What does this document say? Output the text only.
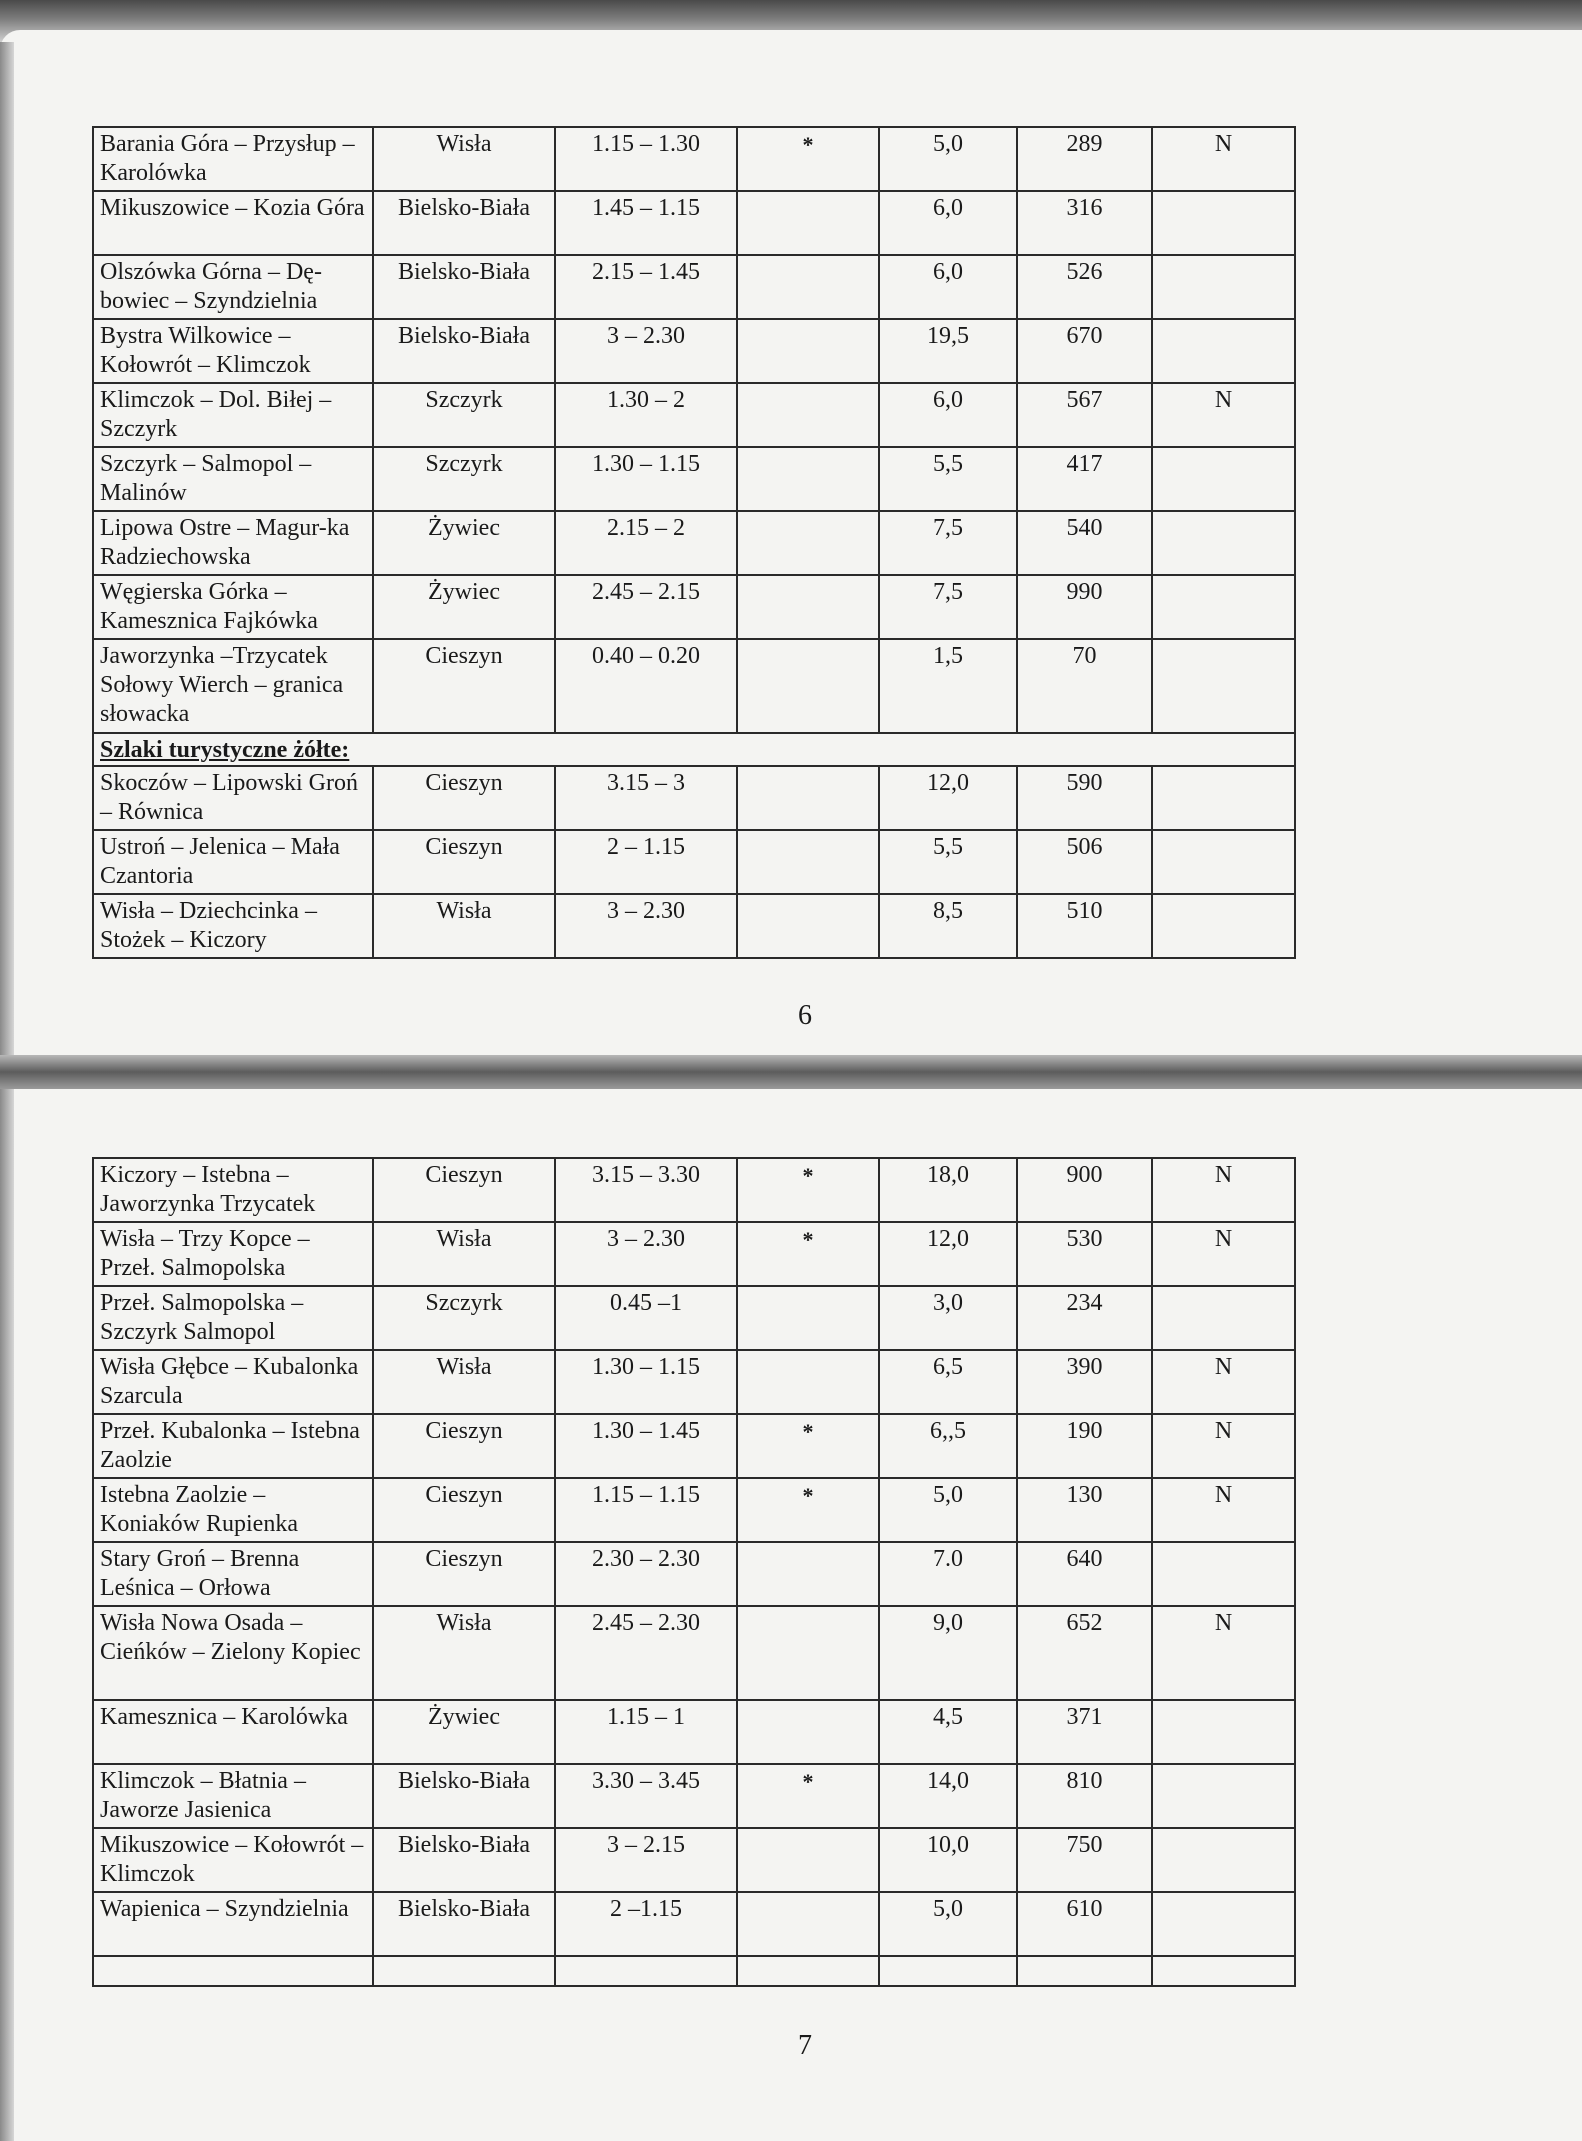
Barania Góra – Przysłup – Karolówka	Wisła	1.15 – 1.30	*	5,0	289	N
Mikuszowice – Kozia Góra	Bielsko-Biała	1.45 – 1.15		6,0	316	
Olszówka Górna – Dę-bowiec – Szyndzielnia	Bielsko-Biała	2.15 – 1.45		6,0	526	
Bystra Wilkowice – Kołowrót – Klimczok	Bielsko-Biała	3 – 2.30		19,5	670	
Klimczok – Dol. Biłej – Szczyrk	Szczyrk	1.30 – 2		6,0	567	N
Szczyrk – Salmopol – Malinów	Szczyrk	1.30 – 1.15		5,5	417	
Lipowa Ostre – Magur-ka Radziechowska	Żywiec	2.15 – 2		7,5	540	
Węgierska Górka – Kamesznica Fajkówka	Żywiec	2.45 – 2.15		7,5	990	
Jaworzynka –Trzycatek Sołowy Wierch – granica słowacka	Cieszyn	0.40 – 0.20		1,5	70	
Szlaki turystyczne żółte:						
Skoczów – Lipowski Groń – Równica	Cieszyn	3.15 – 3		12,0	590	
Ustroń – Jelenica – Mała Czantoria	Cieszyn	2 – 1.15		5,5	506	
Wisła – Dziechcinka – Stożek – Kiczory	Wisła	3 – 2.30		8,5	510	
6
Kiczory – Istebna – Jaworzynka Trzycatek	Cieszyn	3.15 – 3.30	*	18,0	900	N
Wisła – Trzy Kopce – Przeł. Salmopolska	Wisła	3 – 2.30	*	12,0	530	N
Przeł. Salmopolska – Szczyrk Salmopol	Szczyrk	0.45 –1		3,0	234	
Wisła Głębce – Kubalonka Szarcula	Wisła	1.30 – 1.15		6,5	390	N
Przeł. Kubalonka – Istebna Zaolzie	Cieszyn	1.30 – 1.45	*	6,,5	190	N
Istebna Zaolzie – Koniaków Rupienka	Cieszyn	1.15 – 1.15	*	5,0	130	N
Stary Groń – Brenna Leśnica – Orłowa	Cieszyn	2.30 – 2.30		7.0	640	
Wisła Nowa Osada – Cieńków – Zielony Kopiec	Wisła	2.45 – 2.30		9,0	652	N
Kamesznica – Karolówka	Żywiec	1.15 – 1		4,5	371	
Klimczok – Błatnia – Jaworze Jasienica	Bielsko-Biała	3.30 – 3.45	*	14,0	810	
Mikuszowice – Kołowrót – Klimczok	Bielsko-Biała	3 – 2.15		10,0	750	
Wapienica – Szyndzielnia	Bielsko-Biała	2 –1.15		5,0	610	

7
